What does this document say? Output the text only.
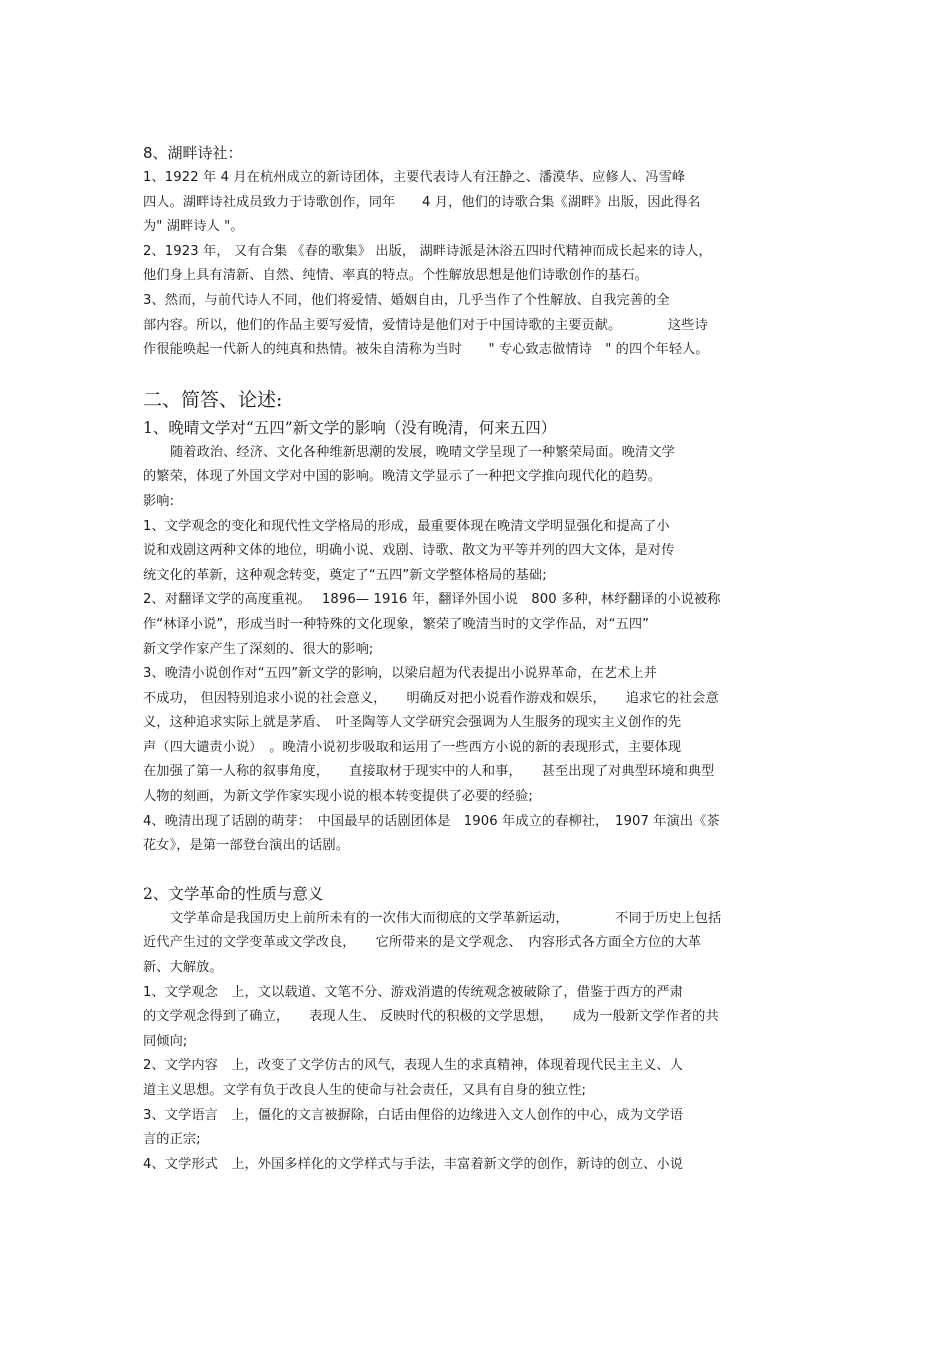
8、湖畔诗社：
1、1922 年 4 月在杭州成立的新诗团体，主要代表诗人有汪静之、潘漠华、应修人、冯雪峰
四人。湖畔诗社成员致力于诗歌创作，同年　　4 月，他们的诗歌合集《湖畔》出版，因此得名
为" 湖畔诗人 "。
2、1923 年， 又有合集 《春的歌集》 出版， 湖畔诗派是沐浴五四时代精神而成长起来的诗人，
他们身上具有清新、自然、纯情、率真的特点。个性解放思想是他们诗歌创作的基石。
3、然而，与前代诗人不同，他们将爱情、婚姻自由，几乎当作了个性解放、自我完善的全
部内容。所以，他们的作品主要写爱情，爱情诗是他们对于中国诗歌的主要贡献。　　　　这些诗
作很能唤起一代新人的纯真和热情。被朱自清称为当时　　" 专心致志做情诗　" 的四个年轻人。
二、简答、论述:
1、晚晴文学对“五四”新文学的影响（没有晚清，何来五四）
随着政治、经济、文化各种维新思潮的发展，晚晴文学呈现了一种繁荣局面。晚清文学
的繁荣，体现了外国文学对中国的影响。晚清文学显示了一种把文学推向现代化的趋势。
影响:
1、文学观念的变化和现代性文学格局的形成，最重要体现在晚清文学明显强化和提高了小
说和戏剧这两种文体的地位，明确小说、戏剧、诗歌、散文为平等并列的四大文体，是对传
统文化的革新，这种观念转变，奠定了“五四”新文学整体格局的基础;
2、对翻译文学的高度重视。　 1896— 1916 年，翻译外国小说　800 多种，林纾翻译的小说被称
作“林译小说”，形成当时一种特殊的文化现象，繁荣了晚清当时的文学作品，对“五四”
新文学作家产生了深刻的、很大的影响;
3、晚清小说创作对“五四”新文学的影响，以梁启超为代表提出小说界革命，在艺术上并
不成功， 但因特别追求小说的社会意义，　　明确反对把小说看作游戏和娱乐，　　追求它的社会意
义，这种追求实际上就是茅盾、　叶圣陶等人文学研究会强调为人生服务的现实主义创作的先
声（四大谴责小说）　。晚清小说初步吸取和运用了一些西方小说的新的表现形式，主要体现
在加强了第一人称的叙事角度，　　直接取材于现实中的人和事，　　甚至出现了对典型环境和典型
人物的刻画，为新文学作家实现小说的根本转变提供了必要的经验;
4、晚清出现了话剧的萌芽：　中国最早的话剧团体是　1906 年成立的春柳社，　1907 年演出《茶
花女》，是第一部登台演出的话剧。
2、文学革命的性质与意义
文学革命是我国历史上前所未有的一次伟大而彻底的文学革新运动，　　　　不同于历史上包括
近代产生过的文学变革或文学改良，　　它所带来的是文学观念、　内容形式各方面全方位的大革
新、大解放。
1、文学观念　上，文以载道、文笔不分、游戏消遣的传统观念被破除了，借鉴于西方的严肃
的文学观念得到了确立，　　表现人生、 反映时代的积极的文学思想，　　成为一般新文学作者的共
同倾向;
2、文学内容　上，改变了文学仿古的风气，表现人生的求真精神，体现着现代民主主义、人
道主义思想。文学有负于改良人生的使命与社会责任，又具有自身的独立性;
3、文学语言　上，僵化的文言被摒除，白话由俚俗的边缘进入文人创作的中心，成为文学语
言的正宗;
4、文学形式　上，外国多样化的文学样式与手法，丰富着新文学的创作，新诗的创立、小说
